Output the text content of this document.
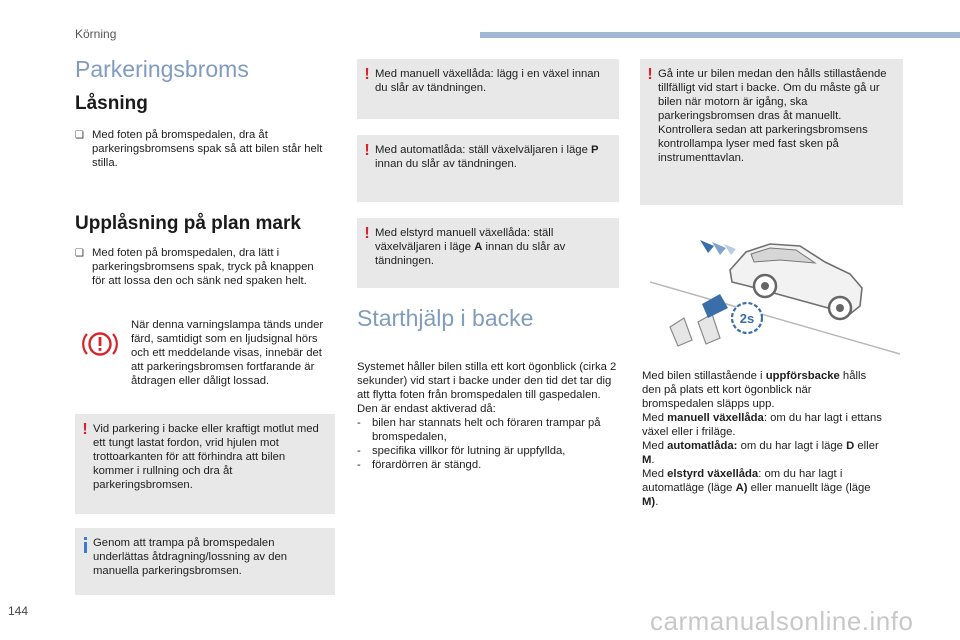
Körning
Parkeringsbroms
Låsning
❏ Med foten på bromspedalen, dra åt parkeringsbromsens spak så att bilen står helt stilla.
Upplåsning på plan mark
❏ Med foten på bromspedalen, dra lätt i parkeringsbromsens spak, tryck på knappen för att lossa den och sänk ned spaken helt.
När denna varningslampa tänds under färd, samtidigt som en ljudsignal hörs och ett meddelande visas, innebär det att parkeringsbromsen fortfarande är åtdragen eller dåligt lossad.
! Vid parkering i backe eller kraftigt motlut med ett tungt lastat fordon, vrid hjulen mot trottoarkanten för att förhindra att bilen kommer i rullning och dra åt parkeringsbromsen.
Genom att trampa på bromspedalen underlättas åtdragning/lossning av den manuella parkeringsbromsen.
! Med manuell växellåda: lägg i en växel innan du slår av tändningen.
! Med automatlåda: ställ växelväljaren i läge P innan du slår av tändningen.
! Med elstyrd manuell växellåda: ställ växelväljaren i läge A innan du slår av tändningen.
Starthjälp i backe
Systemet håller bilen stilla ett kort ögonblick (cirka 2 sekunder) vid start i backe under den tid det tar dig att flytta foten från bromspedalen till gaspedalen.
Den är endast aktiverad då:
- bilen har stannats helt och föraren trampar på bromspedalen,
- specifika villkor för lutning är uppfyllda,
- förardörren är stängd.
! Gå inte ur bilen medan den hålls stillastående tillfälligt vid start i backe. Om du måste gå ur bilen när motorn är igång, ska parkeringsbromsen dras åt manuellt. Kontrollera sedan att parkeringsbromsens kontrollampa lyser med fast sken på instrumenttavlan.
2s
Med bilen stillastående i uppförsbacke hålls den på plats ett kort ögonblick när bromspedalen släpps upp.
Med manuell växellåda: om du har lagt i ettans växel eller i friläge.
Med automatlåda: om du har lagt i läge D eller M.
Med elstyrd växellåda: om du har lagt i automatläge (läge A) eller manuellt läge (läge M).
144	carmanualsonline.info
